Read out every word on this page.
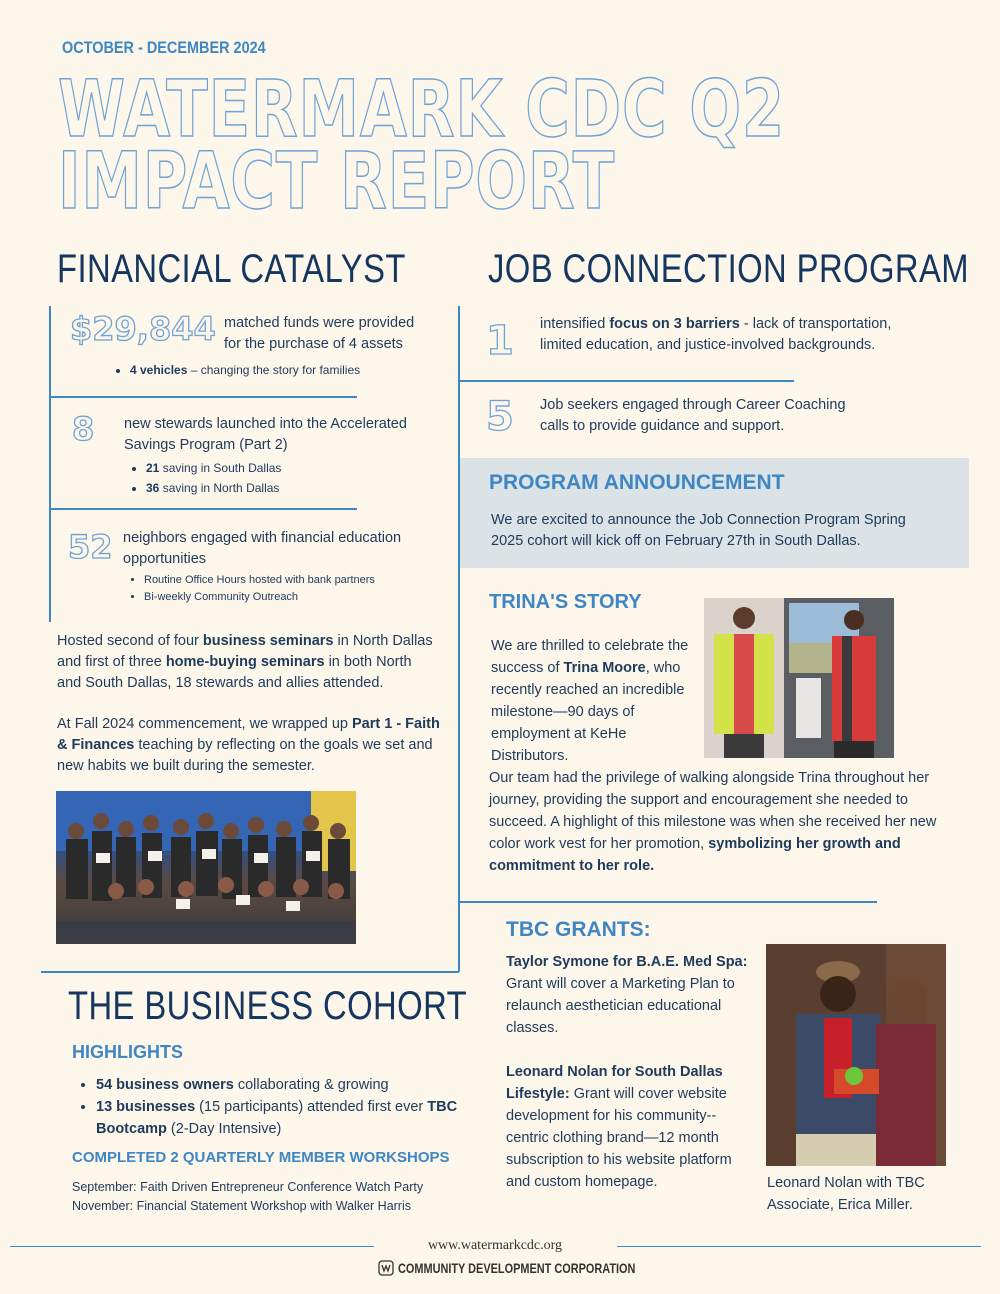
OCTOBER - DECEMBER 2024
WATERMARK CDC Q2
IMPACT REPORT
FINANCIAL CATALYST
$29,844 matched funds were provided for the purchase of 4 assets
• 4 vehicles – changing the story for families
8 new stewards launched into the Accelerated Savings Program (Part 2)
• 21 saving in South Dallas
• 36 saving in North Dallas
52 neighbors engaged with financial education opportunities
• Routine Office Hours hosted with bank partners
• Bi-weekly Community Outreach
Hosted second of four business seminars in North Dallas and first of three home-buying seminars in both North and South Dallas, 18 stewards and allies attended.
At Fall 2024 commencement, we wrapped up Part 1 - Faith & Finances teaching by reflecting on the goals we set and new habits we built during the semester.
THE BUSINESS COHORT
HIGHLIGHTS
• 54 business owners collaborating & growing
• 13 businesses (15 participants) attended first ever TBC Bootcamp (2-Day Intensive)
COMPLETED 2 QUARTERLY MEMBER WORKSHOPS
September: Faith Driven Entrepreneur Conference Watch Party
November: Financial Statement Workshop with Walker Harris
JOB CONNECTION PROGRAM
1 intensified focus on 3 barriers - lack of transportation, limited education, and justice-involved backgrounds.
5 Job seekers engaged through Career Coaching calls to provide guidance and support.
PROGRAM ANNOUNCEMENT
We are excited to announce the Job Connection Program Spring 2025 cohort will kick off on February 27th in South Dallas.
TRINA'S STORY
We are thrilled to celebrate the success of Trina Moore, who recently reached an incredible milestone—90 days of employment at KeHe Distributors.
Our team had the privilege of walking alongside Trina throughout her journey, providing the support and encouragement she needed to succeed. A highlight of this milestone was when she received her new color work vest for her promotion, symbolizing her growth and commitment to her role.
TBC GRANTS:
Taylor Symone for B.A.E. Med Spa: Grant will cover a Marketing Plan to relaunch aesthetician educational classes.
Leonard Nolan for South Dallas Lifestyle: Grant will cover website development for his community--centric clothing brand—12 month subscription to his website platform and custom homepage.	Leonard Nolan with TBC Associate, Erica Miller.
www.watermarkcdc.org
COMMUNITY DEVELOPMENT CORPORATION
